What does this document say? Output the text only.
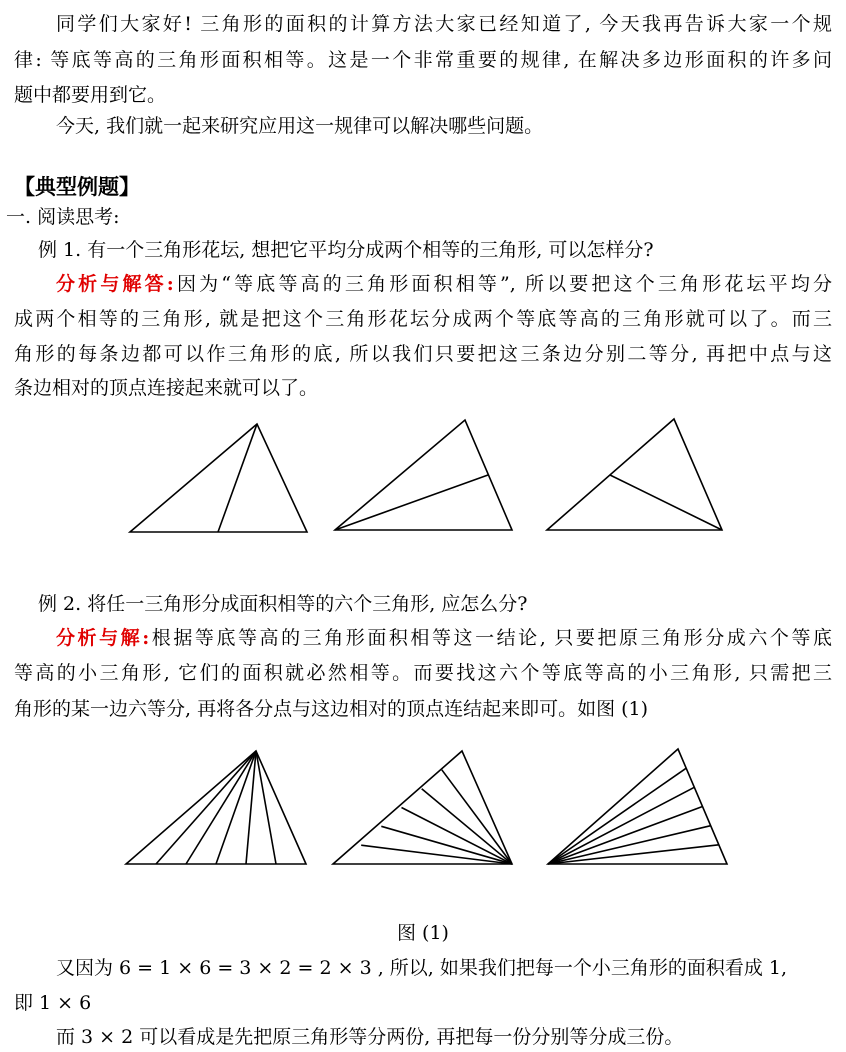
同学们大家好! 三角形的面积的计算方法大家已经知道了, 今天我再告诉大家一个规
律: 等底等高的三角形面积相等。这是一个非常重要的规律, 在解决多边形面积的许多问
题中都要用到它。
今天, 我们就一起来研究应用这一规律可以解决哪些问题。
【典型例题】
一. 阅读思考:
例 1. 有一个三角形花坛, 想把它平均分成两个相等的三角形, 可以怎样分?
分析与解答:因为“等底等高的三角形面积相等”, 所以要把这个三角形花坛平均分
成两个相等的三角形, 就是把这个三角形花坛分成两个等底等高的三角形就可以了。而三
角形的每条边都可以作三角形的底, 所以我们只要把这三条边分别二等分, 再把中点与这
条边相对的顶点连接起来就可以了。
例 2. 将任一三角形分成面积相等的六个三角形, 应怎么分?
分析与解:根据等底等高的三角形面积相等这一结论, 只要把原三角形分成六个等底
等高的小三角形, 它们的面积就必然相等。而要找这六个等底等高的小三角形, 只需把三
角形的某一边六等分, 再将各分点与这边相对的顶点连结起来即可。如图 (1)
图 (1)
又因为 6 = 1 × 6 = 3 × 2 = 2 × 3 , 所以, 如果我们把每一个小三角形的面积看成 1,
即 1 × 6
而 3 × 2 可以看成是先把原三角形等分两份, 再把每一份分别等分成三份。
